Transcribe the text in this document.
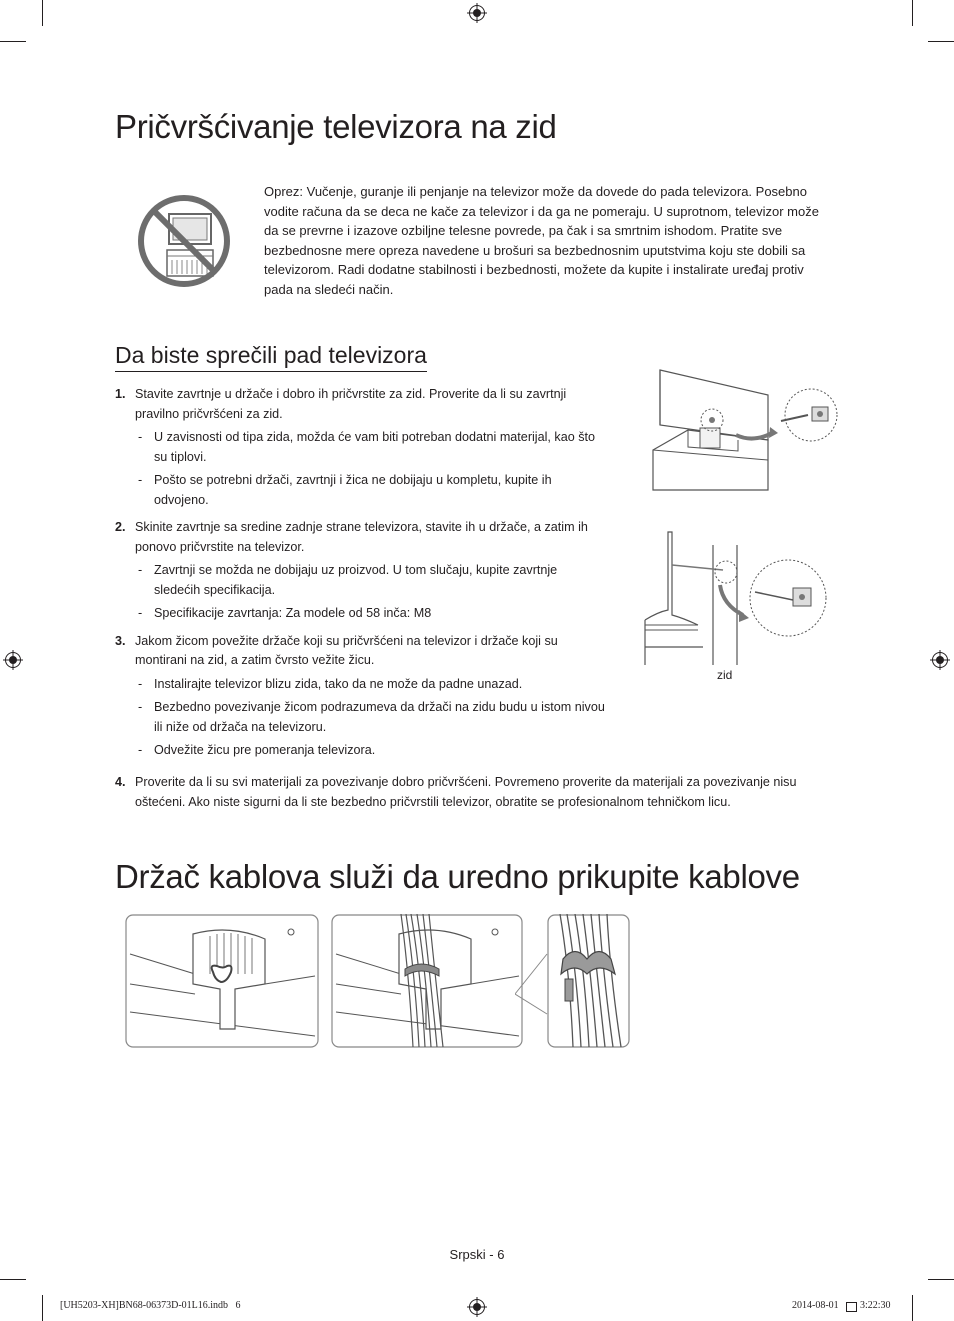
Pričvršćivanje televizora na zid
Oprez: Vučenje, guranje ili penjanje na televizor može da dovede do pada televizora. Posebno vodite računa da se deca ne kače za televizor i da ga ne pomeraju. U suprotnom, televizor može da se prevrne i izazove ozbiljne telesne povrede, pa čak i sa smrtnim ishodom. Pratite sve bezbednosne mere opreza navedene u brošuri sa bezbednosnim uputstvima koju ste dobili sa televizorom. Radi dodatne stabilnosti i bezbednosti, možete da kupite i instalirate uređaj protiv pada na sledeći način.
Da biste sprečili pad televizora
1. Stavite zavrtnje u držače i dobro ih pričvrstite za zid. Proverite da li su zavrtnji pravilno pričvršćeni za zid.
- U zavisnosti od tipa zida, možda će vam biti potreban dodatni materijal, kao što su tiplovi.
- Pošto se potrebni držači, zavrtnji i žica ne dobijaju u kompletu, kupite ih odvojeno.
2. Skinite zavrtnje sa sredine zadnje strane televizora, stavite ih u držače, a zatim ih ponovo pričvrstite na televizor.
- Zavrtnji se možda ne dobijaju uz proizvod. U tom slučaju, kupite zavrtnje sledećih specifikacija.
- Specifikacije zavrtanja: Za modele od 58 inča: M8
3. Jakom žicom povežite držače koji su pričvršćeni na televizor i držače koji su montirani na zid, a zatim čvrsto vežite žicu.
- Instalirajte televizor blizu zida, tako da ne može da padne unazad.
- Bezbedno povezivanje žicom podrazumeva da držači na zidu budu u istom nivou ili niže od držača na televizoru.
- Odvežite žicu pre pomeranja televizora.
4. Proverite da li su svi materijali za povezivanje dobro pričvršćeni. Povremeno proverite da materijali za povezivanje nisu oštećeni. Ako niste sigurni da li ste bezbedno pričvrstili televizor, obratite se profesionalnom tehničkom licu.
zid
Držač kablova služi da uredno prikupite kablove
Srpski - 6
[UH5203-XH]BN68-06373D-01L16.indb   6	2014-08-01 3:22:30
